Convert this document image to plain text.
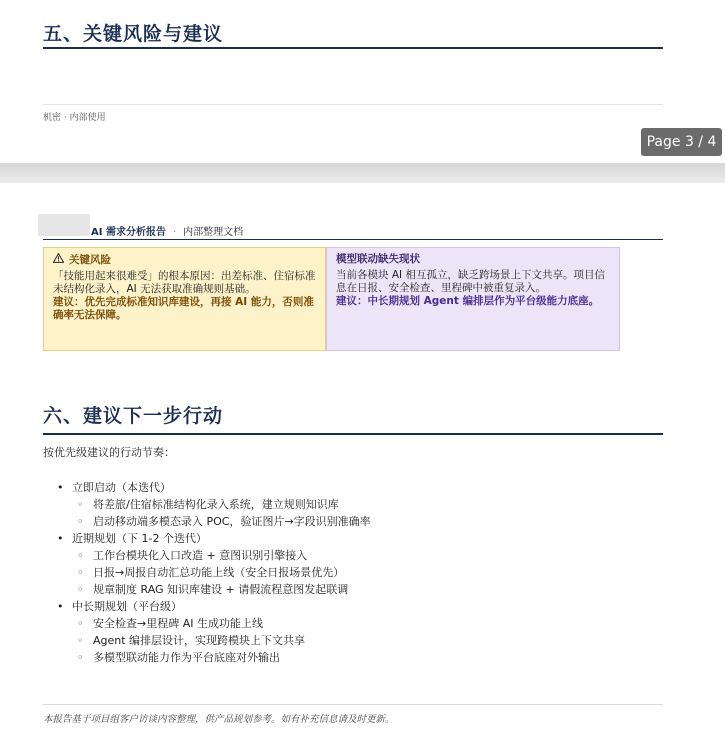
五、关键风险与建议
机密 · 内部使用
Page 3 / 4
AI 需求分析报告 · 内部整理文档
关键风险
「技能用起来很难受」的根本原因：出差标准、住宿标准未结构化录入，AI 无法获取准确规则基础。
建议：优先完成标准知识库建设，再接 AI 能力，否则准确率无法保障。
模型联动缺失现状
当前各模块 AI 相互孤立，缺乏跨场景上下文共享。项目信息在日报、安全检查、里程碑中被重复录入。
建议：中长期规划 Agent 编排层作为平台级能力底座。
六、建议下一步行动
按优先级建议的行动节奏：
• 立即启动（本迭代）
◦ 将差旅/住宿标准结构化录入系统，建立规则知识库
◦ 启动移动端多模态录入 POC，验证图片→字段识别准确率
• 近期规划（下 1-2 个迭代）
◦ 工作台模块化入口改造 + 意图识别引擎接入
◦ 日报→周报自动汇总功能上线（安全日报场景优先）
◦ 规章制度 RAG 知识库建设 + 请假流程意图发起联调
• 中长期规划（平台级）
◦ 安全检查→里程碑 AI 生成功能上线
◦ Agent 编排层设计，实现跨模块上下文共享
◦ 多模型联动能力作为平台底座对外输出
本报告基于项目组客户访谈内容整理，供产品规划参考。如有补充信息请及时更新。
